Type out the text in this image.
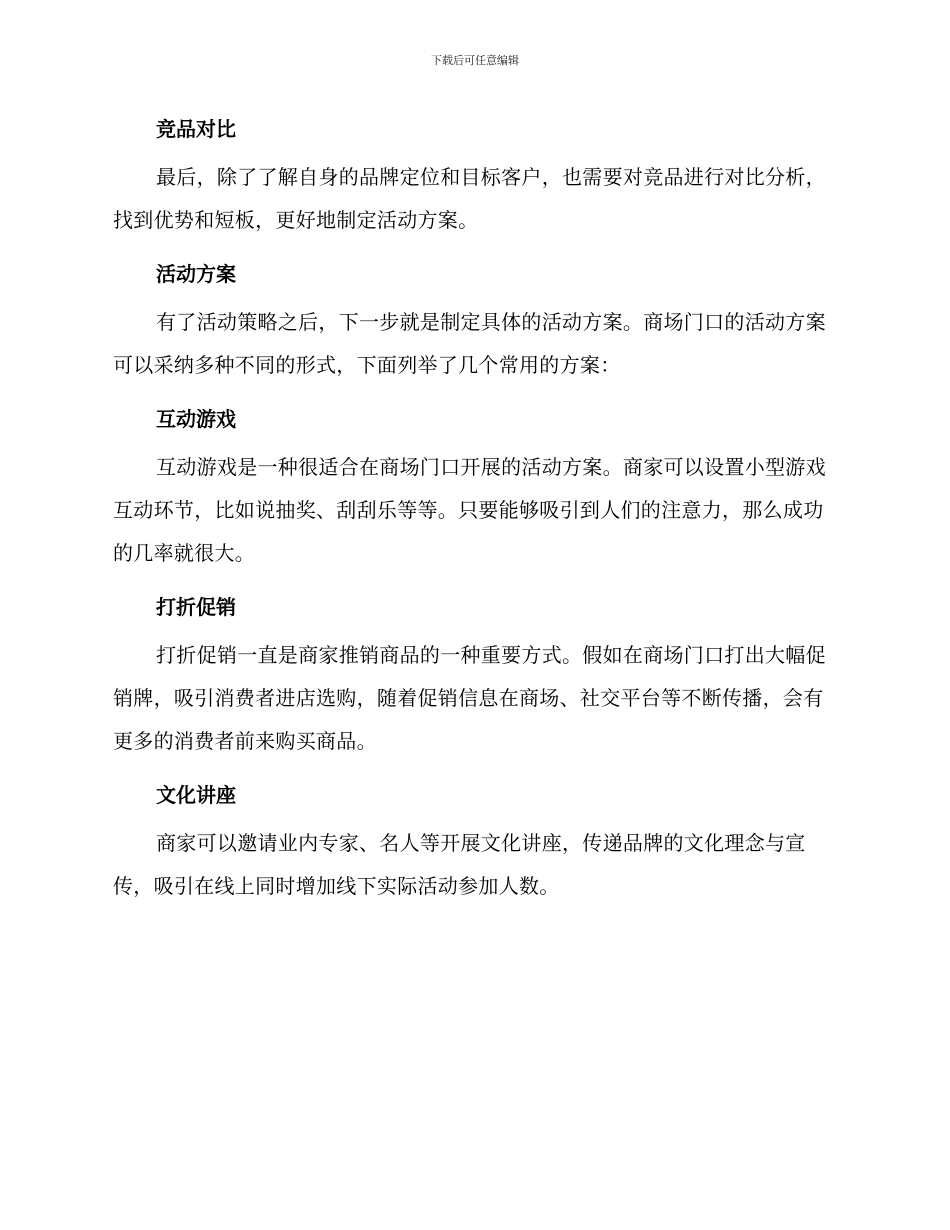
下载后可任意编辑
竞品对比

最后，除了了解自身的品牌定位和目标客户，也需要对竞品进行对比分析，找到优势和短板，更好地制定活动方案。

活动方案

有了活动策略之后，下一步就是制定具体的活动方案。商场门口的活动方案可以采纳多种不同的形式，下面列举了几个常用的方案：

互动游戏

互动游戏是一种很适合在商场门口开展的活动方案。商家可以设置小型游戏互动环节，比如说抽奖、刮刮乐等等。只要能够吸引到人们的注意力，那么成功的几率就很大。

打折促销

打折促销一直是商家推销商品的一种重要方式。假如在商场门口打出大幅促销牌，吸引消费者进店选购，随着促销信息在商场、社交平台等不断传播，会有更多的消费者前来购买商品。

文化讲座

商家可以邀请业内专家、名人等开展文化讲座，传递品牌的文化理念与宣传，吸引在线上同时增加线下实际活动参加人数。
